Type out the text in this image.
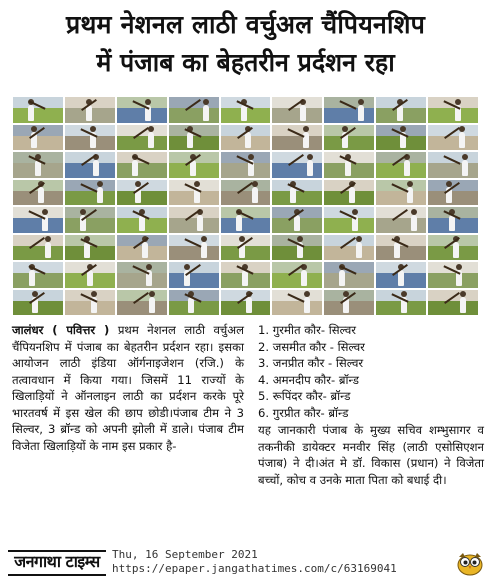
प्रथम नेशनल लाठी वर्चुअल चैंपियनशिप
में पंजाब का बेहतरीन प्रर्दशन रहा
जालंधर ( पवित्तर ) प्रथम नेशनल लाठी वर्चुअल चैंपियनशिप में पंजाब का बेहतरीन प्रर्दशन रहा। इसका आयोजन लाठी इंडिया ऑर्गनाइजेशन (रजि.) के तत्वावधान में किया गया। जिसमें 11 राज्यों के खिलाड़ियों ने ऑनलाइन लाठी का प्रर्दशन करके पूरे भारतवर्ष में इस खेल की छाप छोडी।पंजाब टीम ने 3 सिल्वर, 3 ब्रॉन्ड को अपनी झोली में डाले। पंजाब टीम विजेता खिलाड़ियों के नाम इस प्रकार है-
1. गुरमीत कौर- सिल्वर
2. जसमीत कौर - सिल्वर
3. जनप्रीत कौर - सिल्वर
4. अमनदीप कौर- ब्रॉन्ड
5. रूपिंदर कौर- ब्रॉन्ड
6. गुरप्रीत कौर- ब्रॉन्ड
यह जानकारी पंजाब के मुख्य सचिव शम्भुसागर व तकनीकी डायेक्टर मनवीर सिंह (लाठी एसोसिएशन पंजाब) ने दी।अंत मे डॉ. विकास (प्रधान) ने विजेता बच्चों, कोच व उनके माता पिता को बधाई दी।
जनगाथा टाइम्स	Thu, 16 September 2021
https://epaper.jangathatimes.com/c/63169041
